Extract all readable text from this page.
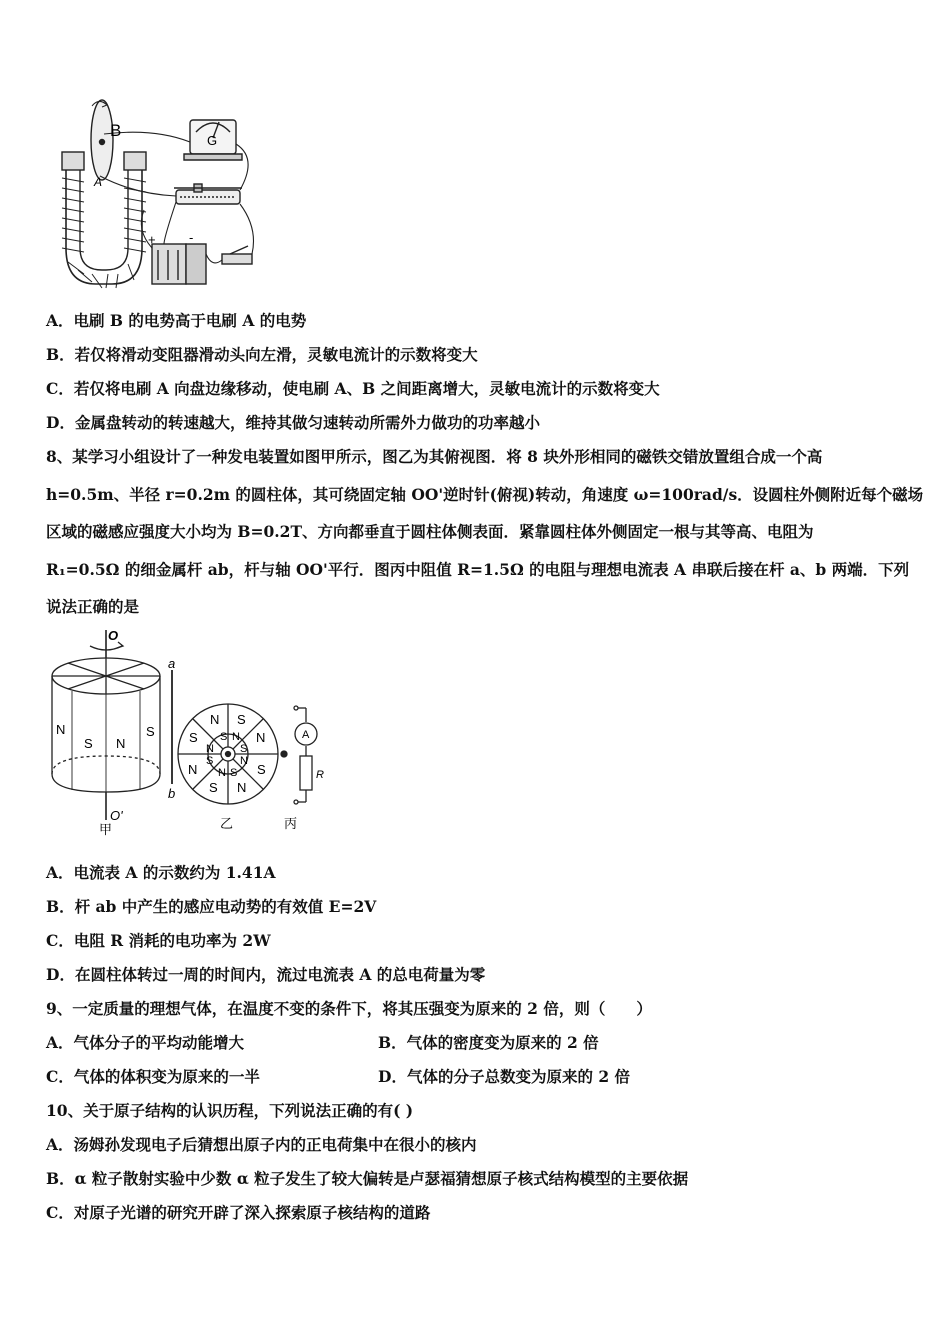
B
A
G
+	-
A．电刷 B 的电势高于电刷 A 的电势
B．若仅将滑动变阻器滑动头向左滑，灵敏电流计的示数将变大
C．若仅将电刷 A 向盘边缘移动，使电刷 A、B 之间距离增大，灵敏电流计的示数将变大
D．金属盘转动的转速越大，维持其做匀速转动所需外力做功的功率越小
8、某学习小组设计了一种发电装置如图甲所示，图乙为其俯视图．将 8 块外形相同的磁铁交错放置组合成一个高
h=0.5m、半径 r=0.2m 的圆柱体，其可绕固定轴 OO'逆时针(俯视)转动，角速度 ω=100rad/s．设圆柱外侧附近每个磁场
区域的磁感应强度大小均为 B=0.2T、方向都垂直于圆柱体侧表面．紧靠圆柱体外侧固定一根与其等高、电阻为
R₁=0.5Ω 的细金属杆 ab，杆与轴 OO'平行．图丙中阻值 R=1.5Ω 的电阻与理想电流表 A 串联后接在杆 a、b 两端．下列
说法正确的是
O
O'
a
b
N
S N
S
N S
N
S
N
S
N
S S N
N
S
S
N
N S
A
R
甲	乙	丙
A．电流表 A 的示数约为 1.41A
B．杆 ab 中产生的感应电动势的有效值 E=2V
C．电阻 R 消耗的电功率为 2W
D．在圆柱体转过一周的时间内，流过电流表 A 的总电荷量为零
9、一定质量的理想气体，在温度不变的条件下，将其压强变为原来的 2 倍，则（　　）
A．气体分子的平均动能增大	B．气体的密度变为原来的 2 倍
C．气体的体积变为原来的一半	D．气体的分子总数变为原来的 2 倍
10、关于原子结构的认识历程，下列说法正确的有( )
A．汤姆孙发现电子后猜想出原子内的正电荷集中在很小的核内
B．α 粒子散射实验中少数 α 粒子发生了较大偏转是卢瑟福猜想原子核式结构模型的主要依据
C．对原子光谱的研究开辟了深入探索原子核结构的道路
